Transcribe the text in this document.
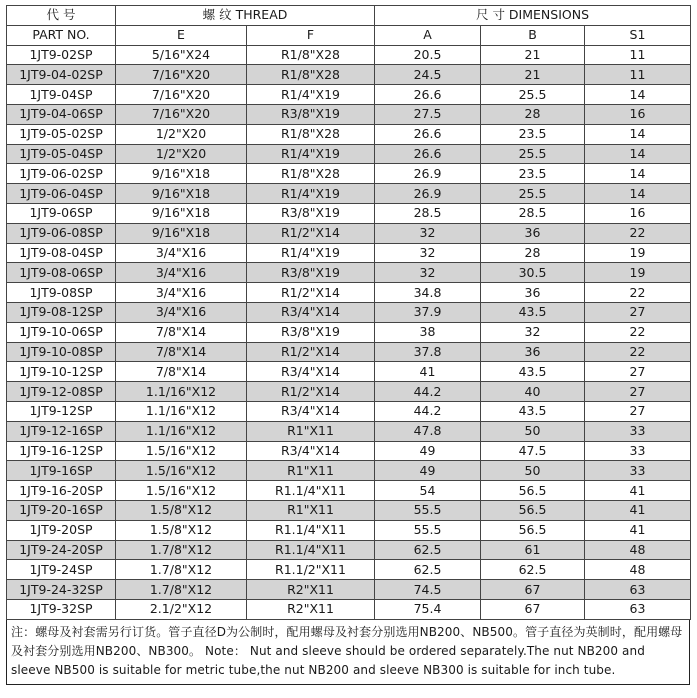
代 号	螺 纹 THREAD		尺 寸 DIMENSIONS		
PART NO.	E	F	A	B	S1
1JT9-02SP	5/16"X24	R1/8"X28	20.5	21	11
1JT9-04-02SP	7/16"X20	R1/8"X28	24.5	21	11
1JT9-04SP	7/16"X20	R1/4"X19	26.6	25.5	14
1JT9-04-06SP	7/16"X20	R3/8"X19	27.5	28	16
1JT9-05-02SP	1/2"X20	R1/8"X28	26.6	23.5	14
1JT9-05-04SP	1/2"X20	R1/4"X19	26.6	25.5	14
1JT9-06-02SP	9/16"X18	R1/8"X28	26.9	23.5	14
1JT9-06-04SP	9/16"X18	R1/4"X19	26.9	25.5	14
1JT9-06SP	9/16"X18	R3/8"X19	28.5	28.5	16
1JT9-06-08SP	9/16"X18	R1/2"X14	32	36	22
1JT9-08-04SP	3/4"X16	R1/4"X19	32	28	19
1JT9-08-06SP	3/4"X16	R3/8"X19	32	30.5	19
1JT9-08SP	3/4"X16	R1/2"X14	34.8	36	22
1JT9-08-12SP	3/4"X16	R3/4"X14	37.9	43.5	27
1JT9-10-06SP	7/8"X14	R3/8"X19	38	32	22
1JT9-10-08SP	7/8"X14	R1/2"X14	37.8	36	22
1JT9-10-12SP	7/8"X14	R3/4"X14	41	43.5	27
1JT9-12-08SP	1.1/16"X12	R1/2"X14	44.2	40	27
1JT9-12SP	1.1/16"X12	R3/4"X14	44.2	43.5	27
1JT9-12-16SP	1.1/16"X12	R1"X11	47.8	50	33
1JT9-16-12SP	1.5/16"X12	R3/4"X14	49	47.5	33
1JT9-16SP	1.5/16"X12	R1"X11	49	50	33
1JT9-16-20SP	1.5/16"X12	R1.1/4"X11	54	56.5	41
1JT9-20-16SP	1.5/8"X12	R1"X11	55.5	56.5	41
1JT9-20SP	1.5/8"X12	R1.1/4"X11	55.5	56.5	41
1JT9-24-20SP	1.7/8"X12	R1.1/4"X11	62.5	61	48
1JT9-24SP	1.7/8"X12	R1.1/2"X11	62.5	62.5	48
1JT9-24-32SP	1.7/8"X12	R2"X11	74.5	67	63
1JT9-32SP	2.1/2"X12	R2"X11	75.4	67	63
注：螺母及衬套需另行订货。管子直径D为公制时，配用螺母及衬套分别选用NB200、NB500。管子直径为英制时，配用螺母及衬套分别选用NB200、NB300。 Note： Nut and sleeve should be ordered separately.The nut NB200 and sleeve NB500 is suitable for metric tube,the nut NB200 and sleeve NB300 is suitable for inch tube.
